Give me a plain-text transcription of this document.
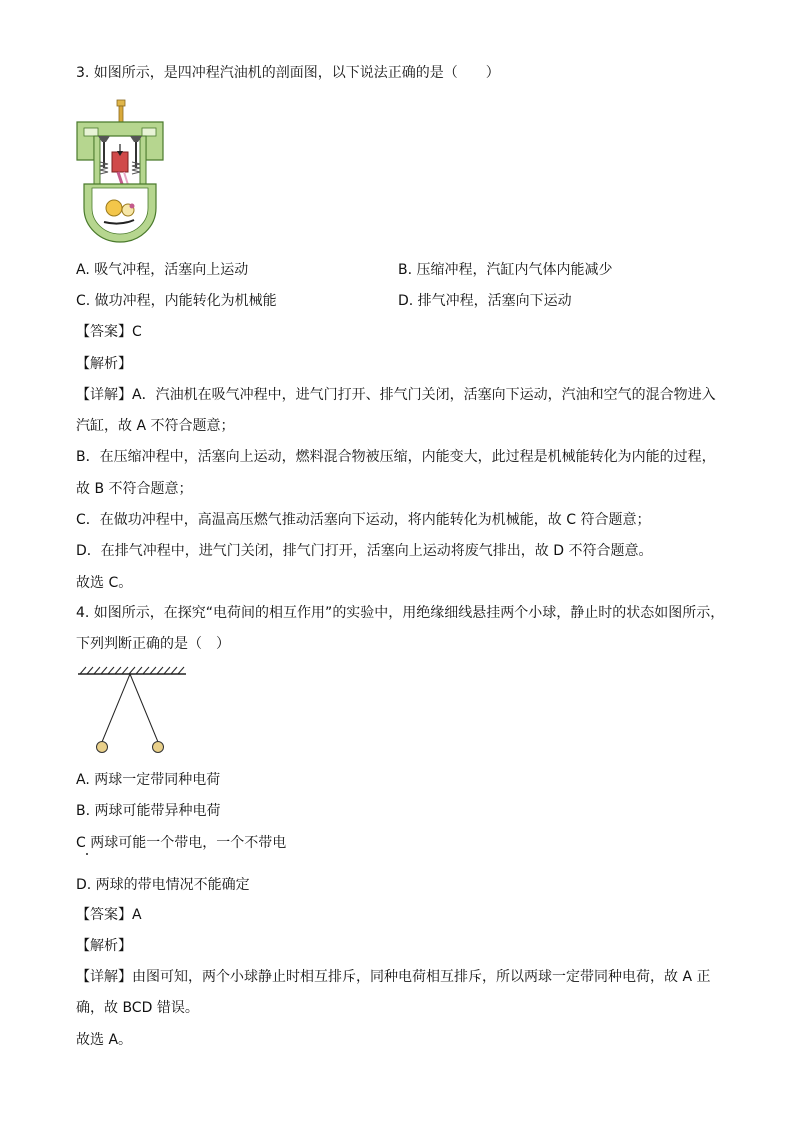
3. 如图所示，是四冲程汽油机的剖面图，以下说法正确的是（　　）
A. 吸气冲程，活塞向上运动	B. 压缩冲程，汽缸内气体内能减少
C. 做功冲程，内能转化为机械能	D. 排气冲程，活塞向下运动
【答案】C
【解析】
【详解】A．汽油机在吸气冲程中，进气门打开、排气门关闭，活塞向下运动，汽油和空气的混合物进入
汽缸，故 A 不符合题意；
B．在压缩冲程中，活塞向上运动，燃料混合物被压缩，内能变大，此过程是机械能转化为内能的过程，
故 B 不符合题意；
C．在做功冲程中，高温高压燃气推动活塞向下运动，将内能转化为机械能，故 C 符合题意；
D．在排气冲程中，进气门关闭，排气门打开，活塞向上运动将废气排出，故 D 不符合题意。
故选 C。
4. 如图所示，在探究“电荷间的相互作用”的实验中，用绝缘细线悬挂两个小球，静止时的状态如图所示，
下列判断正确的是（　）
A. 两球一定带同种电荷
B. 两球可能带异种电荷
C 两球可能一个带电，一个不带电
D. 两球的带电情况不能确定
【答案】A
【解析】
【详解】由图可知，两个小球静止时相互排斥，同种电荷相互排斥，所以两球一定带同种电荷，故 A 正
确，故 BCD 错误。
故选 A。
